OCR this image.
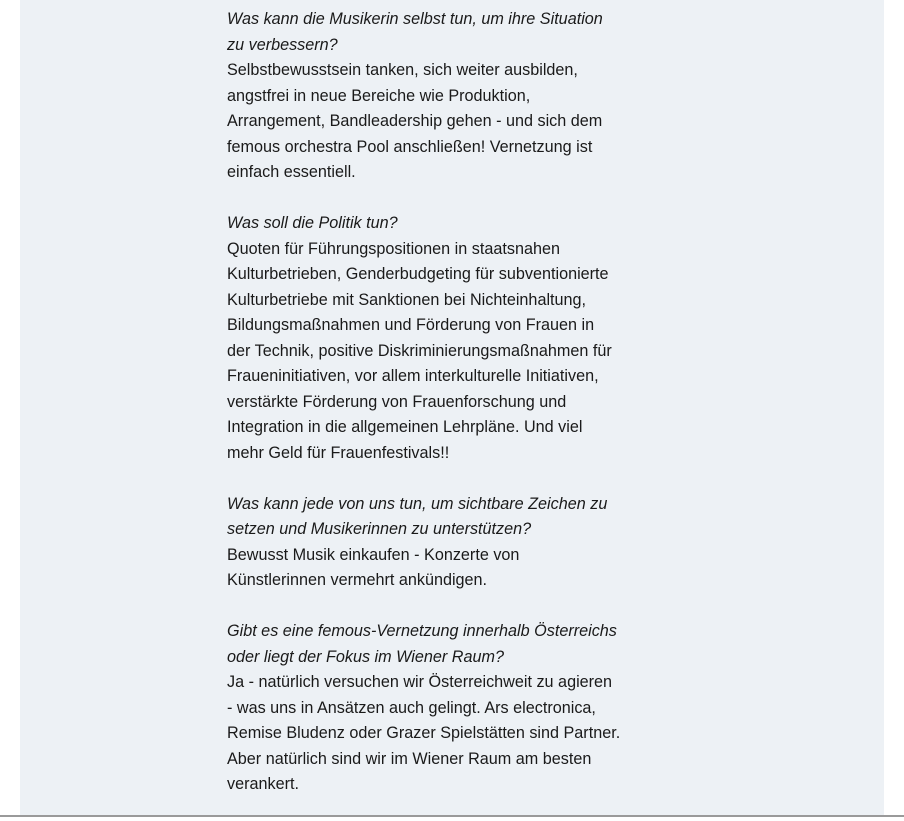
Was kann die Musikerin selbst tun, um ihre Situation
zu verbessern?
Selbstbewusstsein tanken, sich weiter ausbilden,
angstfrei in neue Bereiche wie Produktion,
Arrangement, Bandleadership gehen - und sich dem
femous orchestra Pool anschließen! Vernetzung ist
einfach essentiell.
Was soll die Politik tun?
Quoten für Führungspositionen in staatsnahen
Kulturbetrieben, Genderbudgeting für subventionierte
Kulturbetriebe mit Sanktionen bei Nichteinhaltung,
Bildungsmaßnahmen und Förderung von Frauen in
der Technik, positive Diskriminierungsmaßnahmen für
Fraueninitiativen, vor allem interkulturelle Initiativen,
verstärkte Förderung von Frauenforschung und
Integration in die allgemeinen Lehrpläne. Und viel
mehr Geld für Frauenfestivals!!
Was kann jede von uns tun, um sichtbare Zeichen zu
setzen und Musikerinnen zu unterstützen?
Bewusst Musik einkaufen - Konzerte von
Künstlerinnen vermehrt ankündigen.
Gibt es eine femous-Vernetzung innerhalb Österreichs
oder liegt der Fokus im Wiener Raum?
Ja - natürlich versuchen wir Österreichweit zu agieren
- was uns in Ansätzen auch gelingt. Ars electronica,
Remise Bludenz oder Grazer Spielstätten sind Partner.
Aber natürlich sind wir im Wiener Raum am besten
verankert.
